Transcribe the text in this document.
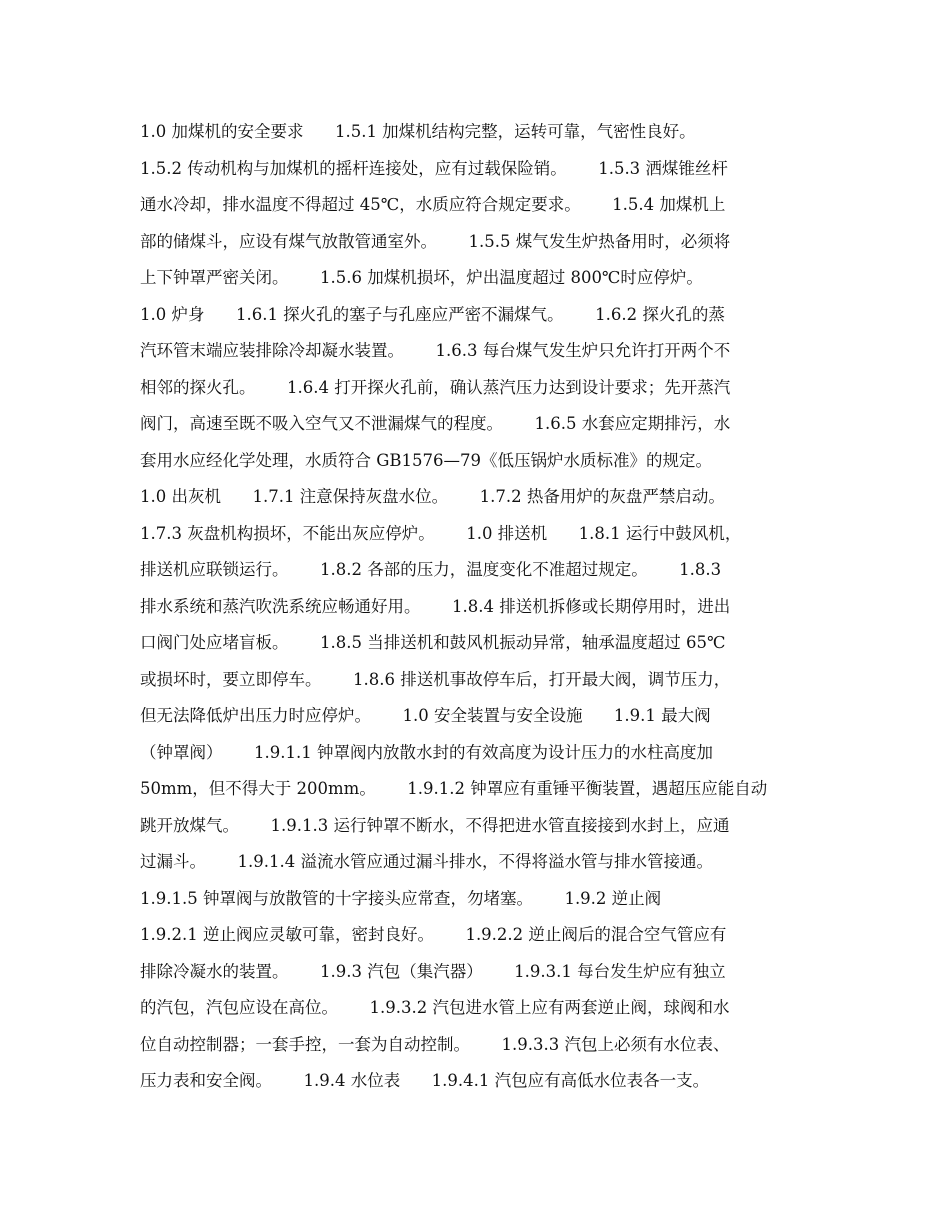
1.0 加煤机的安全要求      1.5.1 加煤机结构完整，运转可靠，气密性良好。
1.5.2 传动机构与加煤机的摇杆连接处，应有过载保险销。      1.5.3 洒煤锥丝杆
通水冷却，排水温度不得超过 45℃，水质应符合规定要求。      1.5.4 加煤机上
部的储煤斗，应设有煤气放散管通室外。      1.5.5 煤气发生炉热备用时，必须将
上下钟罩严密关闭。      1.5.6 加煤机损坏，炉出温度超过 800℃时应停炉。
1.0 炉身      1.6.1 探火孔的塞子与孔座应严密不漏煤气。      1.6.2 探火孔的蒸
汽环管末端应装排除冷却凝水装置。      1.6.3 每台煤气发生炉只允许打开两个不
相邻的探火孔。      1.6.4 打开探火孔前，确认蒸汽压力达到设计要求；先开蒸汽
阀门，高速至既不吸入空气又不泄漏煤气的程度。      1.6.5 水套应定期排污，水
套用水应经化学处理，水质符合 GB1576—79《低压锅炉水质标准》的规定。
1.0 出灰机      1.7.1 注意保持灰盘水位。      1.7.2 热备用炉的灰盘严禁启动。
1.7.3 灰盘机构损坏，不能出灰应停炉。      1.0 排送机      1.8.1 运行中鼓风机，
排送机应联锁运行。      1.8.2 各部的压力，温度变化不准超过规定。      1.8.3
排水系统和蒸汽吹洗系统应畅通好用。      1.8.4 排送机拆修或长期停用时，进出
口阀门处应堵盲板。      1.8.5 当排送机和鼓风机振动异常，轴承温度超过 65℃
或损坏时，要立即停车。      1.8.6 排送机事故停车后，打开最大阀，调节压力，
但无法降低炉出压力时应停炉。      1.0 安全装置与安全设施      1.9.1 最大阀
（钟罩阀）      1.9.1.1 钟罩阀内放散水封的有效高度为设计压力的水柱高度加
50mm，但不得大于 200mm。      1.9.1.2 钟罩应有重锤平衡装置，遇超压应能自动
跳开放煤气。      1.9.1.3 运行钟罩不断水，不得把进水管直接接到水封上，应通
过漏斗。      1.9.1.4 溢流水管应通过漏斗排水，不得将溢水管与排水管接通。
1.9.1.5 钟罩阀与放散管的十字接头应常查，勿堵塞。      1.9.2 逆止阀
1.9.2.1 逆止阀应灵敏可靠，密封良好。      1.9.2.2 逆止阀后的混合空气管应有
排除冷凝水的装置。      1.9.3 汽包（集汽器）      1.9.3.1 每台发生炉应有独立
的汽包，汽包应设在高位。      1.9.3.2 汽包进水管上应有两套逆止阀，球阀和水
位自动控制器；一套手控，一套为自动控制。      1.9.3.3 汽包上必须有水位表、
压力表和安全阀。      1.9.4 水位表      1.9.4.1 汽包应有高低水位表各一支。
